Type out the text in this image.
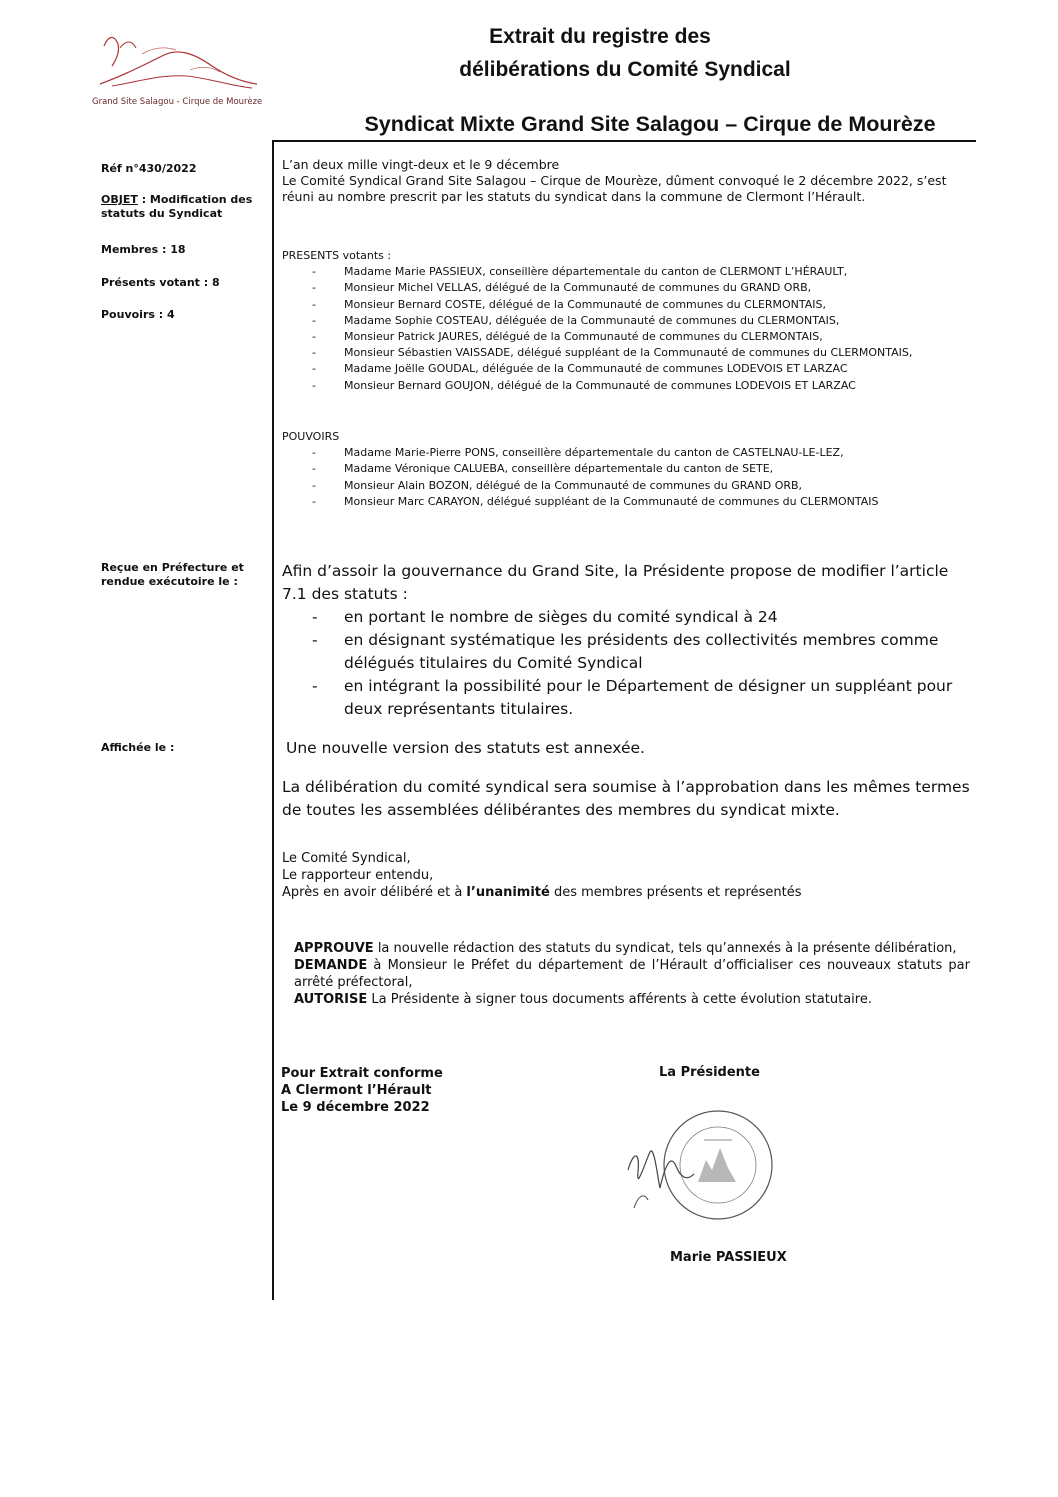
Grand Site Salagou - Cirque de Mourèze
Extrait du registre des
délibérations du Comité Syndical
Syndicat Mixte Grand Site Salagou – Cirque de Mourèze
Réf n°430/2022
OBJET : Modification des statuts du Syndicat
Membres : 18
Présents votant : 8
Pouvoirs : 4
Reçue en Préfecture et rendue exécutoire le :
Affichée le :

L’an deux mille vingt-deux et le 9 décembre

Le Comité Syndical Grand Site Salagou – Cirque de Mourèze, dûment convoqué le 2 décembre 2022, s’est réuni au nombre prescrit par les statuts du syndicat dans la commune de Clermont l’Hérault.

PRESENTS votants :

- Madame Marie PASSIEUX, conseillère départementale du canton de CLERMONT L’HÉRAULT,
- Monsieur Michel VELLAS, délégué de la Communauté de communes du GRAND ORB,
- Monsieur Bernard COSTE, délégué de la Communauté de communes du CLERMONTAIS,
- Madame Sophie COSTEAU, déléguée de la Communauté de communes du CLERMONTAIS,
- Monsieur Patrick JAURES, délégué de la Communauté de communes du CLERMONTAIS,
- Monsieur Sébastien VAISSADE, délégué suppléant de la Communauté de communes du CLERMONTAIS,
- Madame Joëlle GOUDAL, déléguée de la Communauté de communes LODEVOIS ET LARZAC
- Monsieur Bernard GOUJON, délégué de la Communauté de communes LODEVOIS ET LARZAC

POUVOIRS

- Madame Marie-Pierre PONS, conseillère départementale du canton de CASTELNAU-LE-LEZ,
- Madame Véronique CALUEBA, conseillère départementale du canton de SETE,
- Monsieur Alain BOZON, délégué de la Communauté de communes du GRAND ORB,
- Monsieur Marc CARAYON, délégué suppléant de la Communauté de communes du CLERMONTAIS

Afin d’assoir la gouvernance du Grand Site, la Présidente propose de modifier l’article 7.1 des statuts :

- en portant le nombre de sièges du comité syndical à 24
- en désignant systématique les présidents des collectivités membres comme délégués titulaires du Comité Syndical
- en intégrant la possibilité pour le Département de désigner un suppléant pour deux représentants titulaires.
Une nouvelle version des statuts est annexée.
La délibération du comité syndical sera soumise à l’approbation dans les mêmes termes de toutes les assemblées délibérantes des membres du syndicat mixte.

Le Comité Syndical,

Le rapporteur entendu,

Après en avoir délibéré et à l’unanimité des membres présents et représentés

APPROUVE la nouvelle rédaction des statuts du syndicat, tels qu’annexés à la présente délibération,

DEMANDE à Monsieur le Préfet du département de l’Hérault d’officialiser ces nouveaux statuts par arrêté préfectoral,

AUTORISE La Présidente à signer tous documents afférents à cette évolution statutaire.

Pour Extrait conforme

A Clermont l’Hérault

Le 9 décembre 2022

La Présidente
Marie PASSIEUX
